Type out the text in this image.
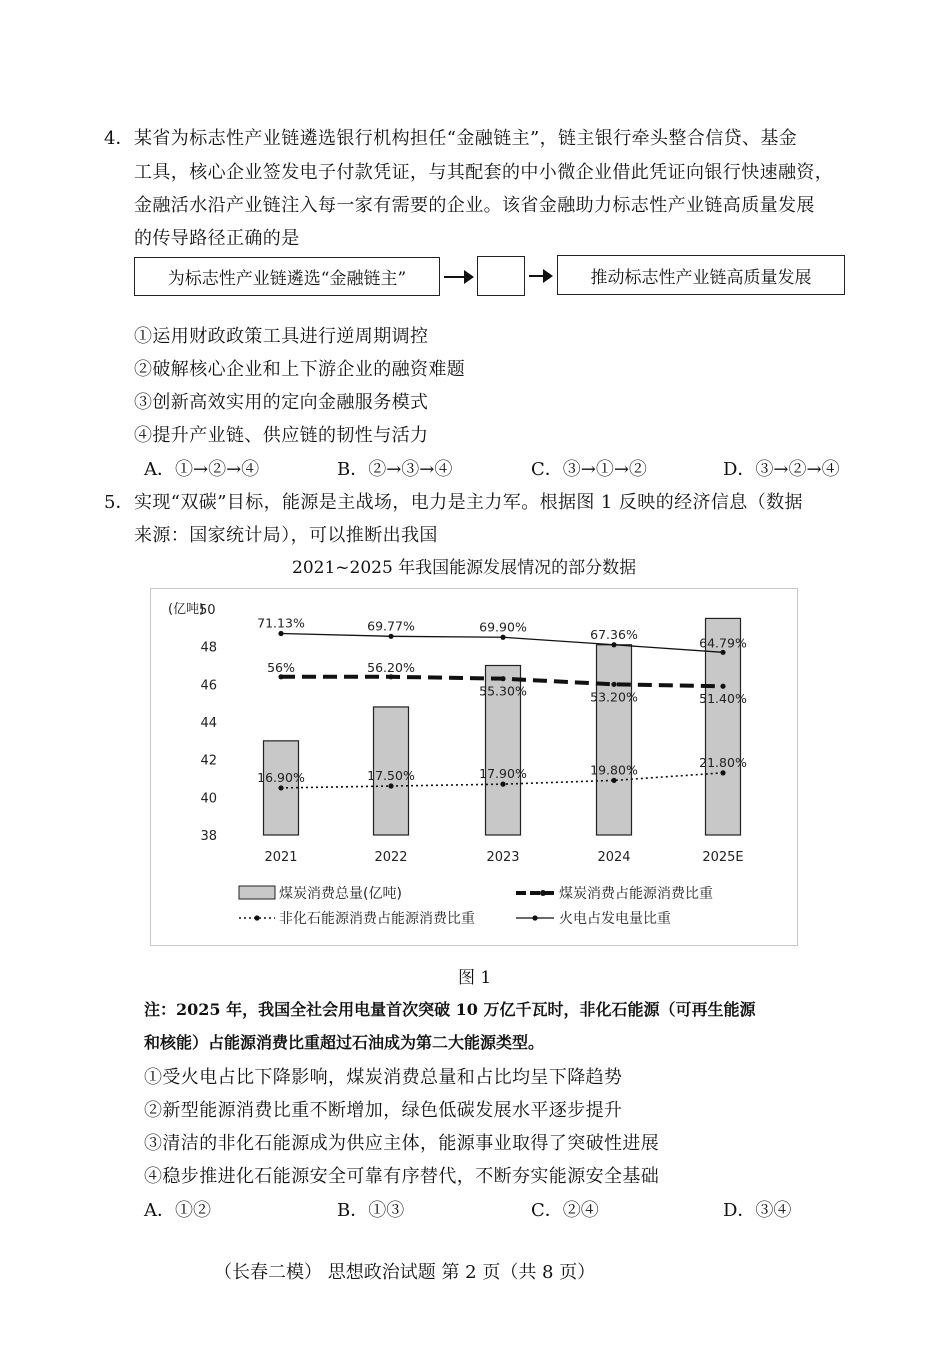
4． 某省为标志性产业链遴选银行机构担任“金融链主”，链主银行牵头整合信贷、基金
工具，核心企业签发电子付款凭证，与其配套的中小微企业借此凭证向银行快速融资，
金融活水沿产业链注入每一家有需要的企业。该省金融助力标志性产业链高质量发展
的传导路径正确的是
为标志性产业链遴选“金融链主”	推动标志性产业链高质量发展
①运用财政政策工具进行逆周期调控
②破解核心企业和上下游企业的融资难题
③创新高效实用的定向金融服务模式
④提升产业链、供应链的韧性与活力
A．①→②→④	B．②→③→④	C．③→①→②	D．③→②→④
5． 实现“双碳”目标，能源是主战场，电力是主力军。根据图 1 反映的经济信息（数据
来源：国家统计局），可以推断出我国
2021~2025 年我国能源发展情况的部分数据
(亿吨)
38
40
42
44
46
48
50
2021	2022	2023	2024	2025E
71.13%	69.77%	69.90%
67.36%
64.79%
56%	56.20%
55.30%	53.20%	51.40%
16.90%	17.50%	17.90%	19.80%
21.80%
煤炭消费总量(亿吨)	煤炭消费占能源消费比重
非化石能源消费占能源消费比重	火电占发电量比重
图 1
注：2025 年，我国全社会用电量首次突破 10 万亿千瓦时，非化石能源（可再生能源
和核能）占能源消费比重超过石油成为第二大能源类型。
①受火电占比下降影响，煤炭消费总量和占比均呈下降趋势
②新型能源消费比重不断增加，绿色低碳发展水平逐步提升
③清洁的非化石能源成为供应主体，能源事业取得了突破性进展
④稳步推进化石能源安全可靠有序替代，不断夯实能源安全基础
A．①②	B．①③	C．②④	D．③④
（长春二模） 思想政治试题 第 2 页（共 8 页）
